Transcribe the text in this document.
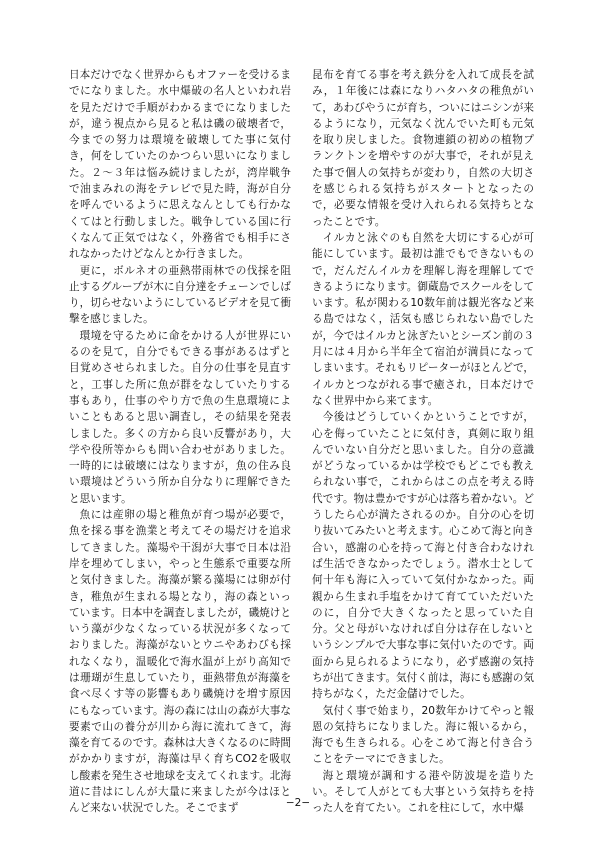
日本だけでなく世界からもオファーを受けるまでになりました。水中爆破の名人といわれ岩を見ただけで手順がわかるまでになりましたが，違う視点から見ると私は磯の破壊者で，今までの努力は環境を破壊してた事に気付き，何をしていたのかつらい思いになりました。２～３年は悩み続けましたが，湾岸戦争で油まみれの海をテレビで見た時，海が自分を呼んでいるように思えなんとしても行かなくてはと行動しました。戦争している国に行くなんて正気ではなく，外務省でも相手にされなかったけどなんとか行きました。

更に，ボルネオの亜熱帯雨林での伐採を阻止するグループが木に自分達をチェーンでしばり，切らせないようにしているビデオを見て衝撃を感じました。

環境を守るために命をかける人が世界にいるのを見て，自分でもできる事があるはずと目覚めさせられました。自分の仕事を見直すと，工事した所に魚が群をなしていたりする事もあり，仕事のやり方で魚の生息環境によいこともあると思い調査し，その結果を発表しました。多くの方から良い反響があり，大学や役所等からも問い合わせがありました。一時的には破壊にはなりますが，魚の住み良い環境はどういう所か自分なりに理解できたと思います。

魚には産卵の場と稚魚が育つ場が必要で，魚を採る事を漁業と考えてその場だけを追求してきました。藻場や干潟が大事で日本は沿岸を埋めてしまい，やっと生態系で重要な所と気付きました。海藻が繁る藻場には卵が付き，稚魚が生まれる場となり，海の森といっています。日本中を調査しましたが，磯焼けという藻が少なくなっている状況が多くなっておりました。海藻がないとウニやあわびも採れなくなり，温暖化で海水温が上がり高知では珊瑚が生息していたり，亜熱帯魚が海藻を食べ尽くす等の影響もあり磯焼けを増す原因にもなっています。海の森には山の森が大事な要素で山の養分が川から海に流れてきて，海藻を育てるのです。森林は大きくなるのに時間がかかりますが，海藻は早く育ちCO2を吸収し酸素を発生させ地球を支えてくれます。北海道に昔はにしんが大量に来ましたが今はほとんど来ない状況でした。そこでまず

昆布を育てる事を考え鉄分を入れて成長を試み，１年後には森になりハタハタの稚魚がいて，あわびやうにが育ち，ついにはニシンが来るようになり，元気なく沈んでいた町も元気を取り戻しました。食物連鎖の初めの植物プランクトンを増やすのが大事で，それが見えた事で個人の気持ちが変わり，自然の大切さを感じられる気持ちがスタートとなったので，必要な情報を受け入れられる気持ちとなったことです。

イルカと泳ぐのも自然を大切にする心が可能にしています。最初は誰でもできないもので，だんだんイルカを理解し海を理解してできるようになります。御蔵島でスクールをしています。私が関わる10数年前は観光客など来る島ではなく，活気も感じられない島でしたが，今ではイルカと泳ぎたいとシーズン前の３月には４月から半年全て宿泊が満員になってしまいます。それもリピーターがほとんどで，イルカとつながれる事で癒され，日本だけでなく世界中から来てます。

今後はどうしていくかということですが，心を侮っていたことに気付き，真剣に取り組んでいない自分だと思いました。自分の意識がどうなっているかは学校でもどこでも教えられない事で，これからはこの点を考える時代です。物は豊かですが心は落ち着かない。どうしたら心が満たされるのか。自分の心を切り抜いてみたいと考えます。心こめて海と向き合い，感謝の心を持って海と付き合わなければ生活できなかったでしょう。潜水士として何十年も海に入っていて気付かなかった。両親から生まれ手塩をかけて育てていただいたのに，自分で大きくなったと思っていた自分。父と母がいなければ自分は存在しないというシンプルで大事な事に気付いたのです。両面から見られるようになり，必ず感謝の気持ちが出てきます。気付く前は，海にも感謝の気持ちがなく，ただ金儲けでした。

気付く事で始まり，20数年かけてやっと報恩の気持ちになりました。海に報いるから，海でも生きられる。心をこめて海と付き合うことをテーマにできました。

海と環境が調和する港や防波堤を造りたい。そして人がとても大事という気持ちを持った人を育てたい。これを柱にして，水中爆

−2−
